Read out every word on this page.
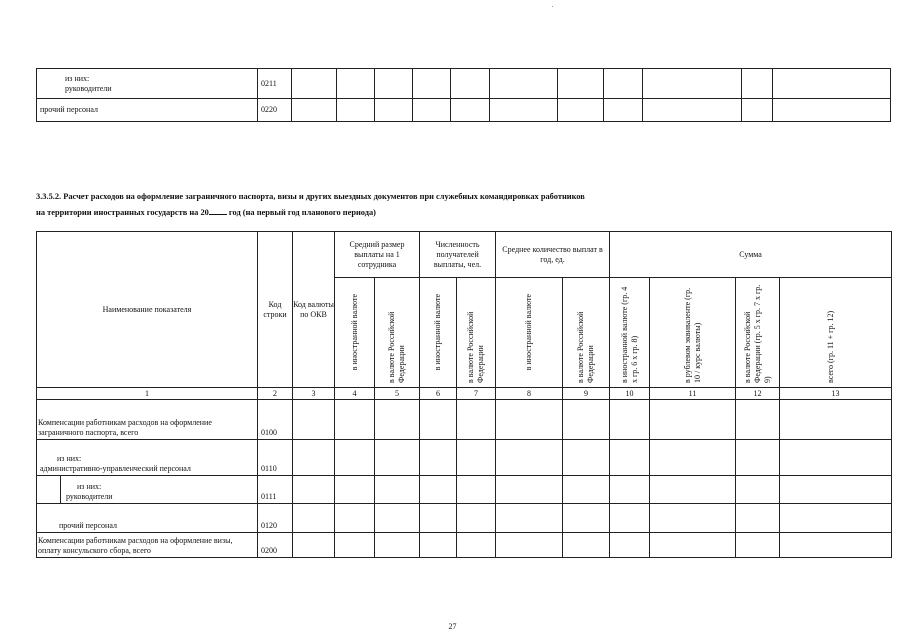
из них:
руководители	0211											
прочий персонал	0220											
3.3.5.2. Расчет расходов на оформление заграничного паспорта, визы и других выездных документов при служебных командировках работников
на территории иностранных государств на 20 год (на первый год планового периода)
Наименование показателя	Код строки	Код валюты по ОКВ	Средний размер выплаты на 1 сотрудника		Численность получателей выплаты, чел.		Среднее количество выплат в год, ед.		Сумма			

			в иностранной валюте	в валюте Российской Федерации	в иностранной валюте	в валюте Российской Федерации	в иностранной валюте	в валюте Российской Федерации	в иностранной валюте (гр. 4 х гр. 6 х гр. 8)	в рублевом эквиваленте (гр. 10 / курс валюты)	в валюте Российской Федерации (гр. 5 х гр. 7 х гр. 9)	всего (гр. 11 + гр. 12)

1	2	3	4	5	6	7	8	9	10	11	12	13
Компенсации работникам расходов на оформление заграничного паспорта, всего	0100											

из них:
административно-управленческий персонал	0110											

из них:
руководители	0111											
прочий персонал	0120											
Компенсации работникам расходов на оформление визы, оплату консульского сбора, всего	0200											
27
